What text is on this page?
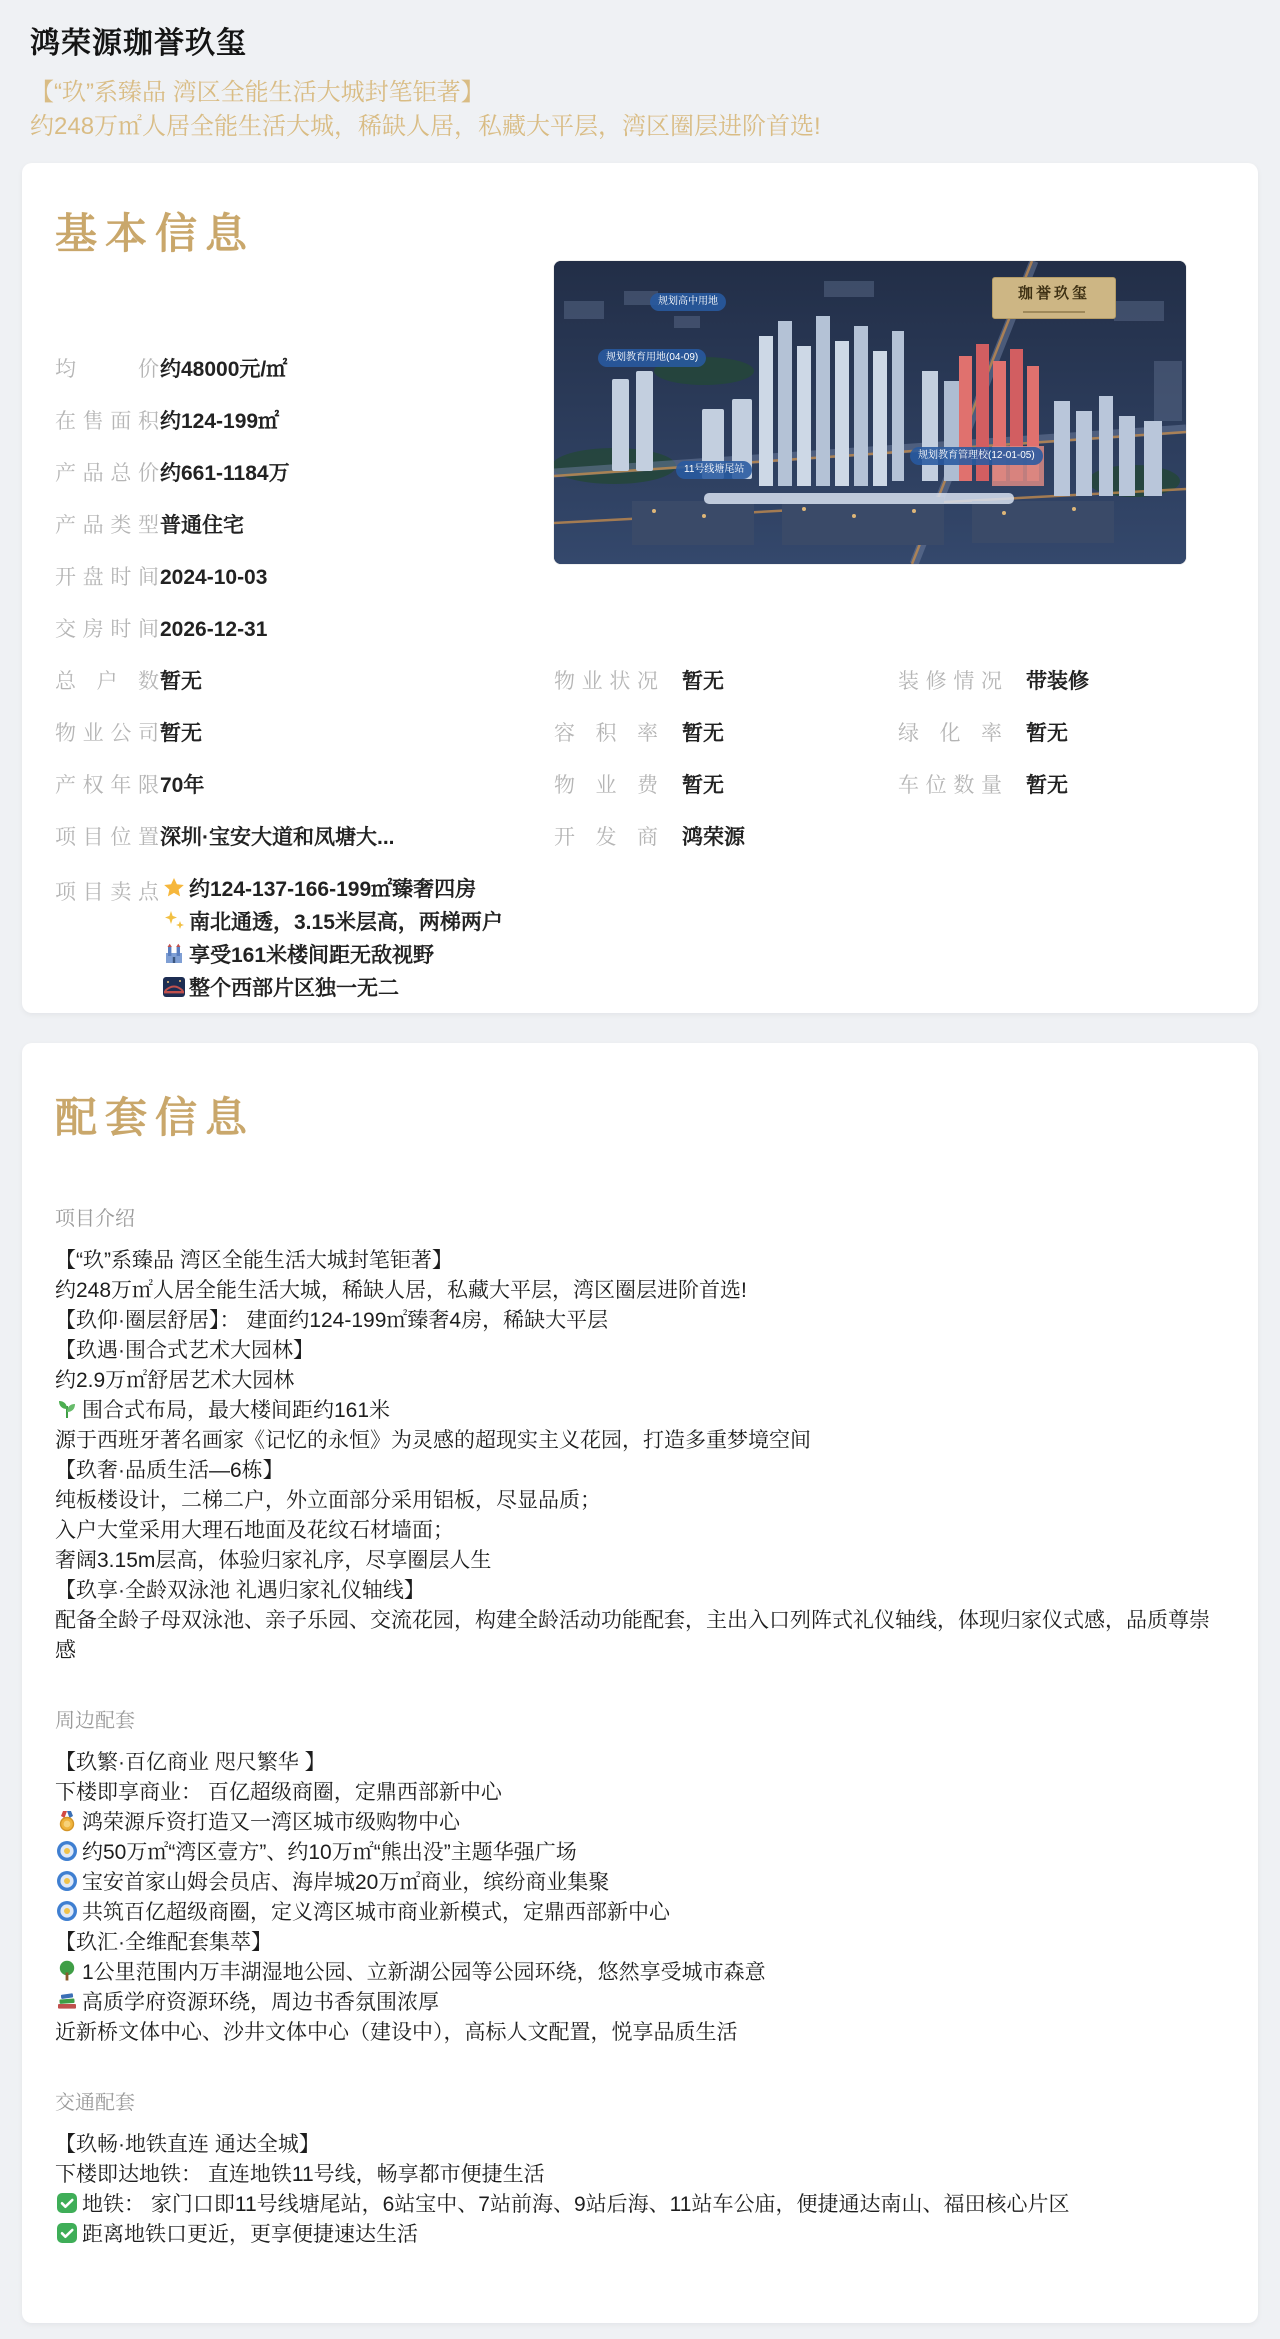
鸿荣源珈誉玖玺

【“玖”系臻品 湾区全能生活大城封笔钜著】

约248万㎡人居全能生活大城，稀缺人居，私藏大平层，湾区圈层进阶首选!

基本信息
珈誉玖玺
规划高中用地
规划教育用地(04-09)
11号线塘尾站
规划教育管理校(12-01-05)
均 价 约48000元/㎡
在售面积 约124-199㎡
产品总价 约661-1184万
产品类型 普通住宅
开盘时间 2024-10-03
交房时间 2026-12-31
总 户 数 暂无
物业公司 暂无
产权年限 70年
项目位置 深圳·宝安大道和凤塘大...
物业状况 暂无
容 积 率 暂无
物 业 费 暂无
开 发 商 鸿荣源
装修情况 带装修
绿 化 率 暂无
车位数量 暂无
项目卖点	约124-137-166-199㎡臻奢四房
南北通透，3.15米层高，两梯两户
享受161米楼间距无敌视野
整个西部片区独一无二
配套信息
项目介绍
【“玖”系臻品 湾区全能生活大城封笔钜著】
约248万㎡人居全能生活大城，稀缺人居，私藏大平层，湾区圈层进阶首选!
【玖仰·圈层舒居】： 建面约124-199㎡臻奢4房，稀缺大平层
【玖遇·围合式艺术大园林】
约2.9万㎡舒居艺术大园林
围合式布局，最大楼间距约161米
源于西班牙著名画家《记忆的永恒》为灵感的超现实主义花园，打造多重梦境空间
【玖奢·品质生活—6栋】
纯板楼设计，二梯二户，外立面部分采用铝板，尽显品质；
入户大堂采用大理石地面及花纹石材墙面；
奢阔3.15m层高，体验归家礼序，尽享圈层人生
【玖享·全龄双泳池 礼遇归家礼仪轴线】
配备全龄子母双泳池、亲子乐园、交流花园，构建全龄活动功能配套，主出入口列阵式礼仪轴线，体现归家仪式感，品质尊崇感
周边配套
【玖繁·百亿商业 咫尺繁华 】
下楼即享商业： 百亿超级商圈，定鼎西部新中心
鸿荣源斥资打造又一湾区城市级购物中心
约50万㎡“湾区壹方”、约10万㎡“熊出没”主题华强广场
宝安首家山姆会员店、海岸城20万㎡商业，缤纷商业集聚
共筑百亿超级商圈，定义湾区城市商业新模式，定鼎西部新中心
【玖汇·全维配套集萃】
1公里范围内万丰湖湿地公园、立新湖公园等公园环绕，悠然享受城市森意
高质学府资源环绕，周边书香氛围浓厚
近新桥文体中心、沙井文体中心（建设中），高标人文配置，悦享品质生活
交通配套
【玖畅·地铁直连 通达全城】
下楼即达地铁： 直连地铁11号线，畅享都市便捷生活
地铁： 家门口即11号线塘尾站，6站宝中、7站前海、9站后海、11站车公庙，便捷通达南山、福田核心片区
距离地铁口更近，更享便捷速达生活
